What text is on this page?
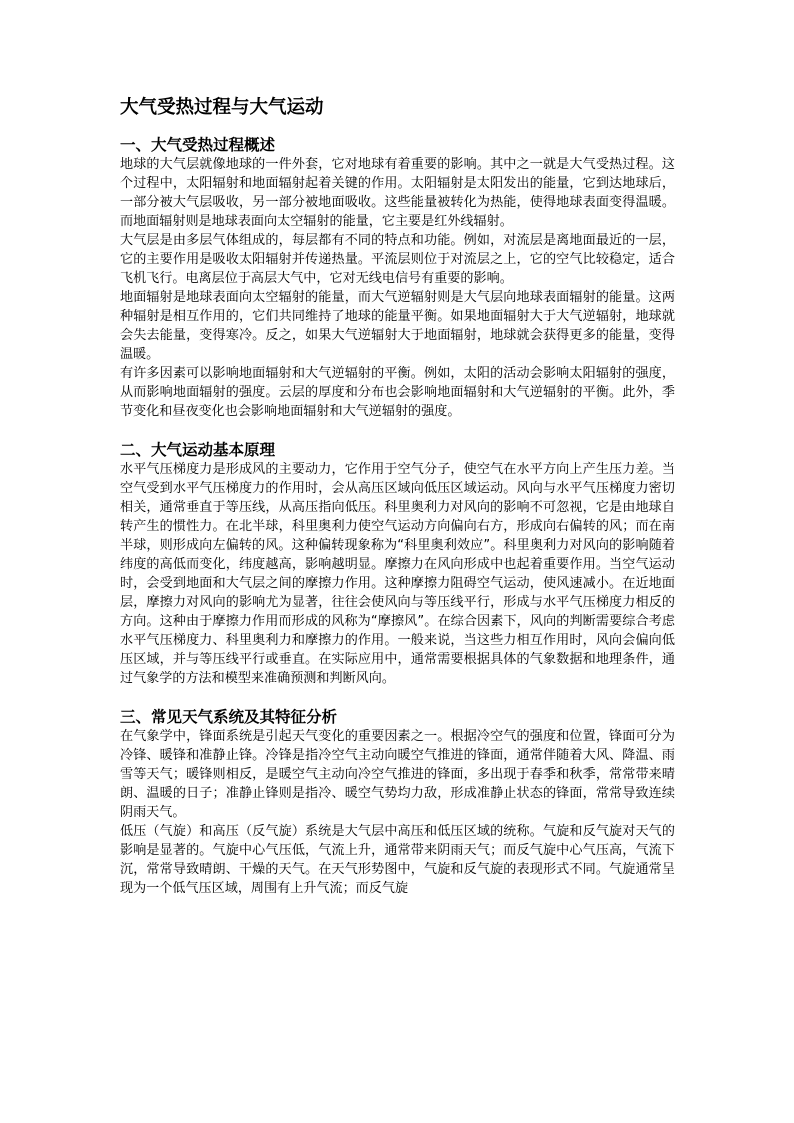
大气受热过程与大气运动
一、大气受热过程概述

地球的大气层就像地球的一件外套，它对地球有着重要的影响。其中之一就是大气受热过程。这个过程中，太阳辐射和地面辐射起着关键的作用。太阳辐射是太阳发出的能量，它到达地球后，一部分被大气层吸收，另一部分被地面吸收。这些能量被转化为热能，使得地球表面变得温暖。而地面辐射则是地球表面向太空辐射的能量，它主要是红外线辐射。

大气层是由多层气体组成的，每层都有不同的特点和功能。例如，对流层是离地面最近的一层，它的主要作用是吸收太阳辐射并传递热量。平流层则位于对流层之上，它的空气比较稳定，适合飞机飞行。电离层位于高层大气中，它对无线电信号有重要的影响。

地面辐射是地球表面向太空辐射的能量，而大气逆辐射则是大气层向地球表面辐射的能量。这两种辐射是相互作用的，它们共同维持了地球的能量平衡。如果地面辐射大于大气逆辐射，地球就会失去能量，变得寒冷。反之，如果大气逆辐射大于地面辐射，地球就会获得更多的能量，变得温暖。

有许多因素可以影响地面辐射和大气逆辐射的平衡。例如，太阳的活动会影响太阳辐射的强度，从而影响地面辐射的强度。云层的厚度和分布也会影响地面辐射和大气逆辐射的平衡。此外，季节变化和昼夜变化也会影响地面辐射和大气逆辐射的强度。

二、大气运动基本原理

水平气压梯度力是形成风的主要动力，它作用于空气分子，使空气在水平方向上产生压力差。当空气受到水平气压梯度力的作用时，会从高压区域向低压区域运动。风向与水平气压梯度力密切相关，通常垂直于等压线，从高压指向低压。科里奥利力对风向的影响不可忽视，它是由地球自转产生的惯性力。在北半球，科里奥利力使空气运动方向偏向右方，形成向右偏转的风；而在南半球，则形成向左偏转的风。这种偏转现象称为“科里奥利效应”。科里奥利力对风向的影响随着纬度的高低而变化，纬度越高，影响越明显。摩擦力在风向形成中也起着重要作用。当空气运动时，会受到地面和大气层之间的摩擦力作用。这种摩擦力阻碍空气运动，使风速减小。在近地面层，摩擦力对风向的影响尤为显著，往往会使风向与等压线平行，形成与水平气压梯度力相反的方向。这种由于摩擦力作用而形成的风称为“摩擦风”。在综合因素下，风向的判断需要综合考虑水平气压梯度力、科里奥利力和摩擦力的作用。一般来说，当这些力相互作用时，风向会偏向低压区域，并与等压线平行或垂直。在实际应用中，通常需要根据具体的气象数据和地理条件，通过气象学的方法和模型来准确预测和判断风向。

三、常见天气系统及其特征分析

在气象学中，锋面系统是引起天气变化的重要因素之一。根据冷空气的强度和位置，锋面可分为冷锋、暖锋和准静止锋。冷锋是指冷空气主动向暖空气推进的锋面，通常伴随着大风、降温、雨雪等天气；暖锋则相反，是暖空气主动向冷空气推进的锋面，多出现于春季和秋季，常常带来晴朗、温暖的日子；准静止锋则是指冷、暖空气势均力敌，形成准静止状态的锋面，常常导致连续阴雨天气。

低压（气旋）和高压（反气旋）系统是大气层中高压和低压区域的统称。气旋和反气旋对天气的影响是显著的。气旋中心气压低，气流上升，通常带来阴雨天气；而反气旋中心气压高，气流下沉，常常导致晴朗、干燥的天气。在天气形势图中，气旋和反气旋的表现形式不同。气旋通常呈现为一个低气压区域，周围有上升气流；而反气旋
